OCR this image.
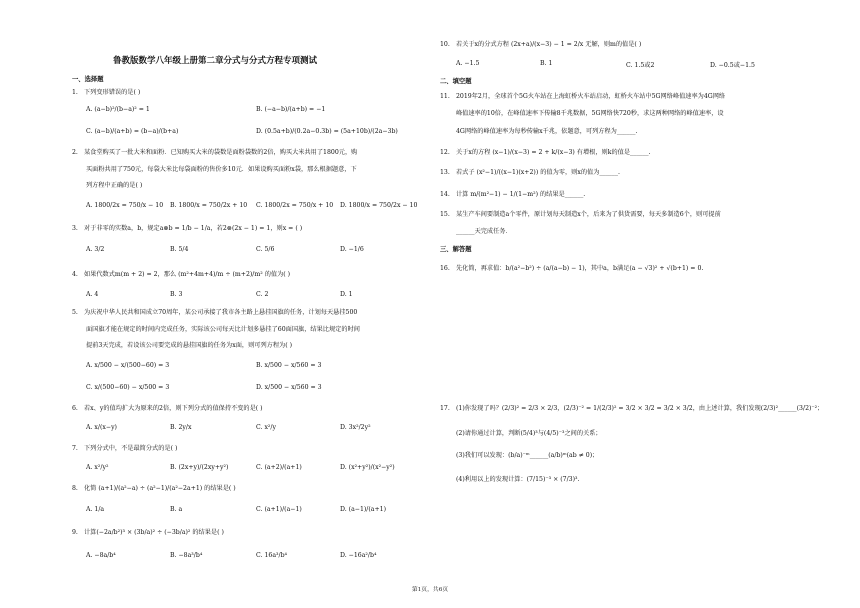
鲁教版数学八年级上册第二章分式与分式方程专项测试
一、选择题
1. 下列变形错误的是( )
A. (a−b)²/(b−a)² = 1	B. (−a−b)/(a+b) = −1
C. (a−b)/(a+b) = (b−a)/(b+a)	D. (0.5a+b)/(0.2a−0.3b) = (5a+10b)/(2a−3b)
2. 某食堂购买了一批大米和面粉．已知购买大米的袋数是面粉袋数的2倍，购买大米共用了1800元，购
买面粉共用了750元，每袋大米比每袋面粉的售价多10元．如果设购买面粉x袋，那么根据题意，下
列方程中正确的是( )
A. 1800/2x = 750/x − 10 B. 1800/x = 750/2x + 10 C. 1800/2x = 750/x + 10 D. 1800/x = 750/2x − 10
3. 对于非零的实数a，b，规定a⊗b = 1/b − 1/a，若2⊗(2x − 1) = 1，则x = ( )
A. 3/2	B. 5/4	C. 5/6	D. −1/6
4. 如果代数式m(m + 2) = 2，那么 (m²+4m+4)/m ÷ (m+2)/m² 的值为( )
A. 4	B. 3	C. 2	D. 1
5. 为庆祝中华人民共和国成立70周年，某公司承接了我市各主路上悬挂国旗的任务，计划每天悬挂500
面国旗才能在规定的时间内完成任务，实际该公司每天比计划多悬挂了60面国旗，结果比规定的时间
提前3天完成，若设该公司要完成的悬挂国旗的任务为x面，则可列方程为( )
A. x/500 − x/(500−60) = 3	B. x/500 − x/560 = 3
C. x/(500−60) − x/500 = 3	D. x/500 − x/560 = 3
6. 若x、y的值均扩大为原来的2倍，则下列分式的值保持不变的是( )
A. x/(x−y)	B. 2y/x	C. x²/y	D. 3x²/2y²
7. 下列分式中，不是最简分式的是( )
A. x²/y²	B. (2x+y)/(2xy+y²)	C. (a+2)/(a+1)	D. (x²+y²)/(x²−y²)
8. 化简 (a+1)/(a²−a) ÷ (a²−1)/(a²−2a+1) 的结果是( )
A. 1/a	B. a	C. (a+1)/(a−1)	D. (a−1)/(a+1)
9. 计算(−2a/b²)³ × (3b/a)² ÷ (−3b/a)² 的结果是( )
A. −8a/b⁴	B. −8a³/b⁴	C. 16a³/b⁴	D. −16a²/b⁴
10. 若关于x的分式方程 (2x+a)/(x−3) − 1 = 2/x 无解，则m的值是( )
A. −1.5	B. 1	C. 1.5或2	D. −0.5或−1.5
二、填空题
11. 2019年2月，全球首个5G火车站在上海虹桥火车站启动，虹桥火车站中5G网络峰值速率为4G网络
峰值速率的10倍，在峰值速率下传输8千兆数据，5G网络快720秒，求这两种网络的峰值速率，设
4G网络的峰值速率为每秒传输x千兆，依题意，可列方程为______.
12. 关于x的方程 (x−1)/(x−3) = 2 + k/(x−3) 有增根，则k的值是______.
13. 若式子 (x²−1)/((x−1)(x+2)) 的值为零，则x的值为______.
14. 计算 m/(m²−1) − 1/(1−m²) 的结果是______.
15. 某生产车间要制造a个零件，原计划每天制造x个，后来为了供货需要，每天多制造6个，则可提前
______天完成任务．
三、解答题
16. 先化简，再求值：b/(a²−b²) ÷ (a/(a−b) − 1)，其中a，b满足(a − √3)² + √(b+1) = 0.
17. (1)你发现了吗？(2/3)² = 2/3 × 2/3，(2/3)⁻² = 1/(2/3)² = 3/2 × 3/2 = 3/2 × 3/2，由上述计算，我们发现(2/3)²______(3/2)⁻²；
(2)请你通过计算，判断(5/4)³与(4/5)⁻³之间的关系；
(3)我们可以发现：(b/a)⁻ᵐ______(a/b)ᵐ(ab ≠ 0)；
(4)利用以上的发现计算：(7/15)⁻³ × (7/3)³.
第1页，共6页
